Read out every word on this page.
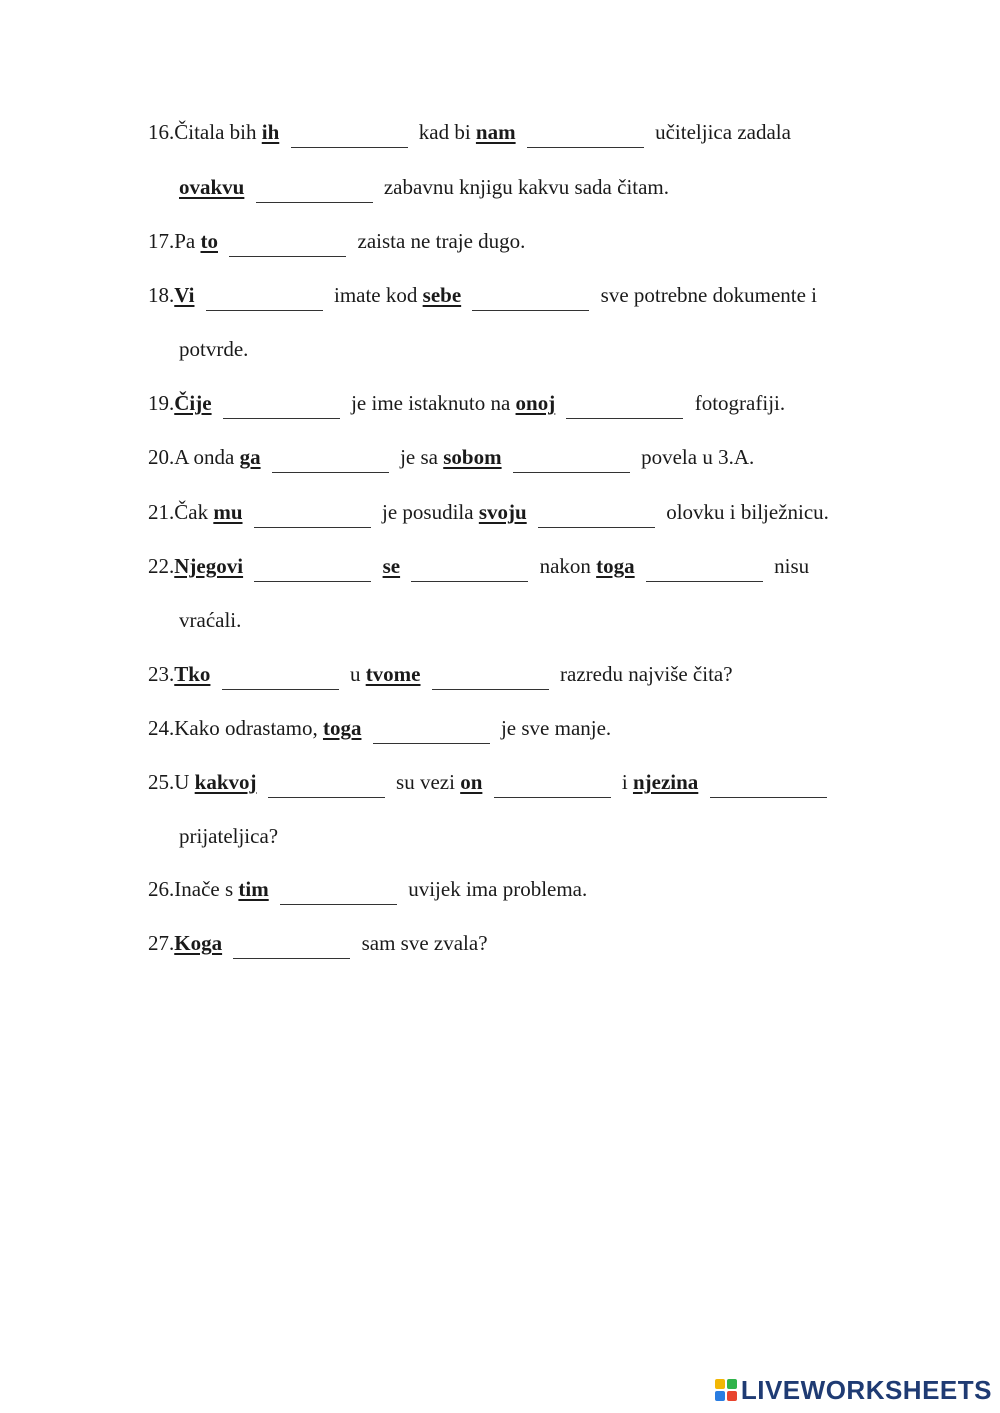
16.Čitala bih ih	kad bi nam	učiteljica zadala
ovakvu	zabavnu knjigu kakvu sada čitam.
17.Pa to	zaista ne traje dugo.
18.Vi	imate kod sebe	sve potrebne dokumente i
potvrde.
19.Čije	je ime istaknuto na onoj	fotografiji.
20.A onda ga	je sa sobom	povela u 3.A.
21.Čak mu	je posudila svoju	olovku i bilježnicu.
22.Njegovi	se	nakon toga	nisu
vraćali.
23.Tko	u tvome	razredu najviše čita?
24.Kako odrastamo, toga	je sve manje.
25.U kakvoj	su vezi on	i njezina
prijateljica?
26.Inače s tim	uvijek ima problema.
27.Koga	sam sve zvala?
LIVEWORKSHEETS
